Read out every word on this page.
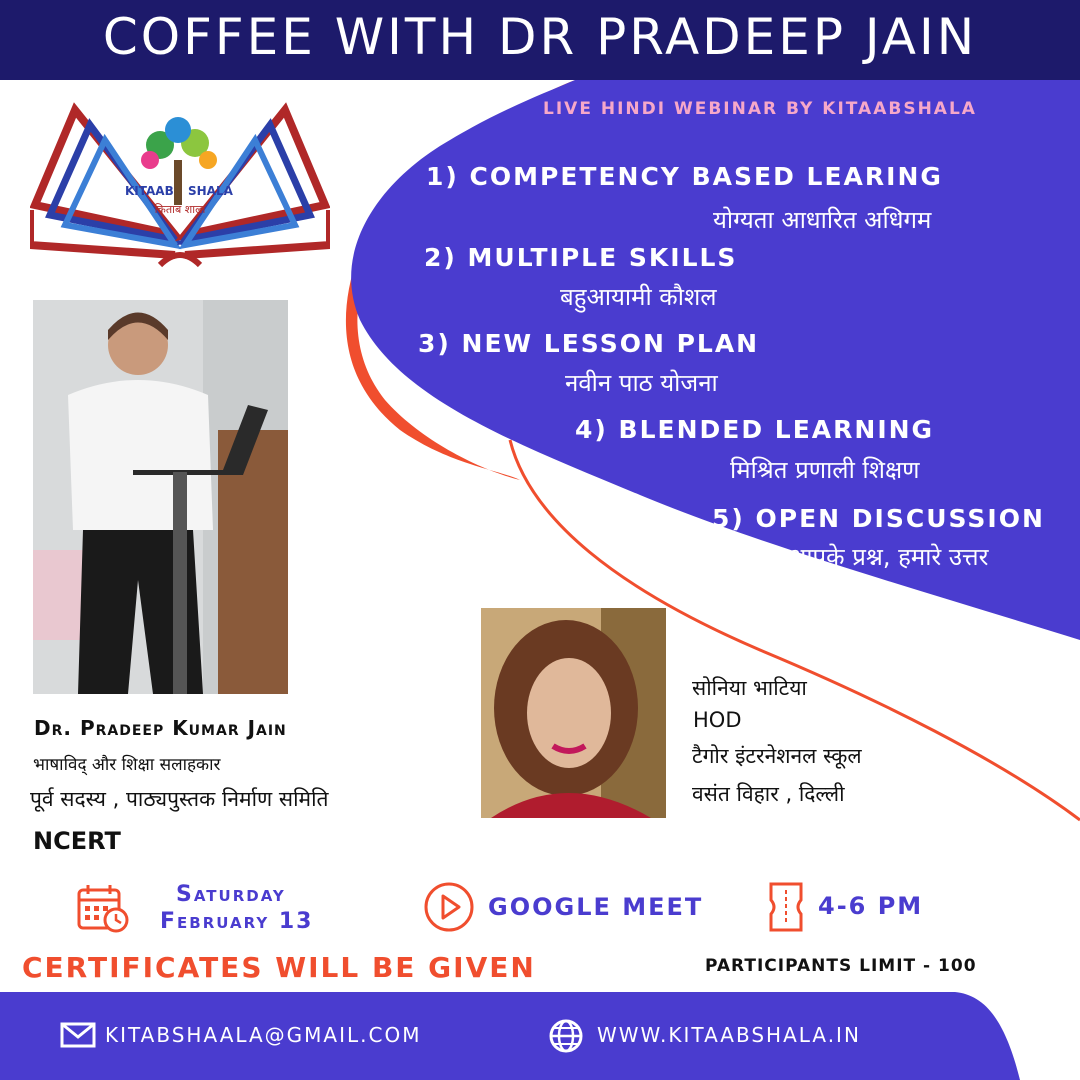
COFFEE WITH DR PRADEEP JAIN
LIVE HINDI WEBINAR BY KITAABSHALA
KITAAB SHALA
किताब शाला
1) COMPETENCY BASED LEARING
योग्यता आधारित अधिगम
2) MULTIPLE SKILLS
बहुआयामी कौशल
3) NEW LESSON PLAN
नवीन पाठ योजना
4) BLENDED LEARNING
मिश्रित प्रणाली शिक्षण
5) OPEN DISCUSSION
आपके प्रश्न, हमारे उत्तर
Dr. Pradeep Kumar Jain
भाषाविद् और शिक्षा सलाहकार
पूर्व सदस्य , पाठ्यपुस्तक निर्माण समिति
NCERT
सोनिया भाटिया
HOD
टैगोर इंटरनेशनल स्कूल
वसंत विहार , दिल्ली
Saturday
February 13
GOOGLE MEET	4-6 PM
CERTIFICATES WILL BE GIVEN	PARTICIPANTS LIMIT - 100
KITABSHAALA@GMAIL.COM	WWW.KITAABSHALA.IN
